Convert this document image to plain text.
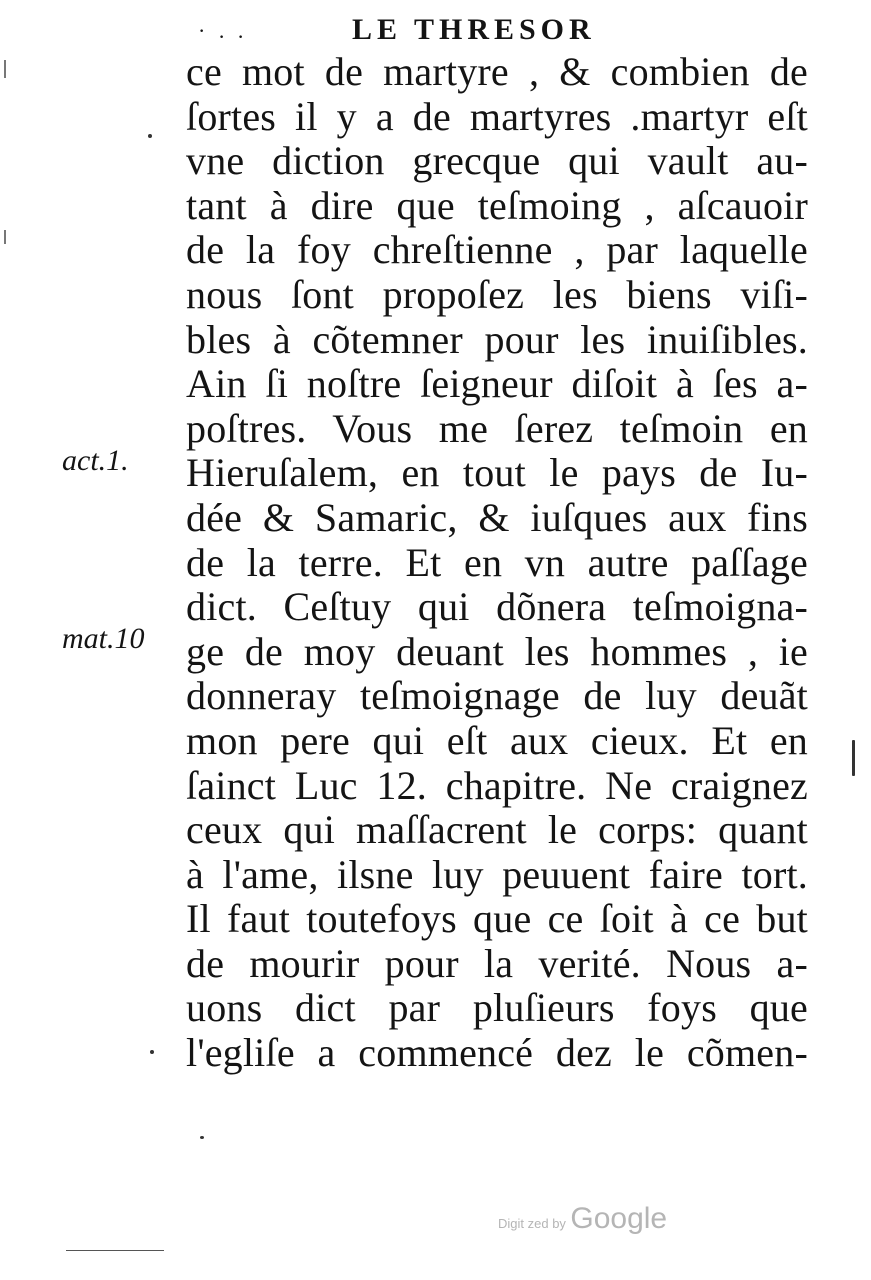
· . .	LE THRESOR
ce mot de martyre , & combien de
ſortes il y a de martyres .martyr eſt
vne diction grecque qui vault au-
tant à dire que teſmoing , aſcauoir
de la foy chreſtienne , par laquelle
nous ſont propoſez les biens viſi-
bles à cõtemner pour les inuiſibles.
Ain ſi noſtre ſeigneur diſoit à ſes a-
poſtres. Vous me ſerez teſmoin en
Hieruſalem, en tout le pays de Iu-
dée & Samaric, & iuſques aux fins
de la terre. Et en vn autre paſſage
dict. Ceſtuy qui dõnera teſmoigna-
ge de moy deuant les hommes , ie
donneray teſmoignage de luy deuãt
mon pere qui eſt aux cieux. Et en
ſainct Luc 12. chapitre. Ne craignez
ceux qui maſſacrent le corps: quant
à l'ame, ilsne luy peuuent faire tort.
Il faut toutefoys que ce ſoit à ce but
de mourir pour la verité. Nous a-
uons dict par pluſieurs foys que
l'egliſe a commencé dez le cõmen-
act.1.
mat.10
Digit zed by Google
